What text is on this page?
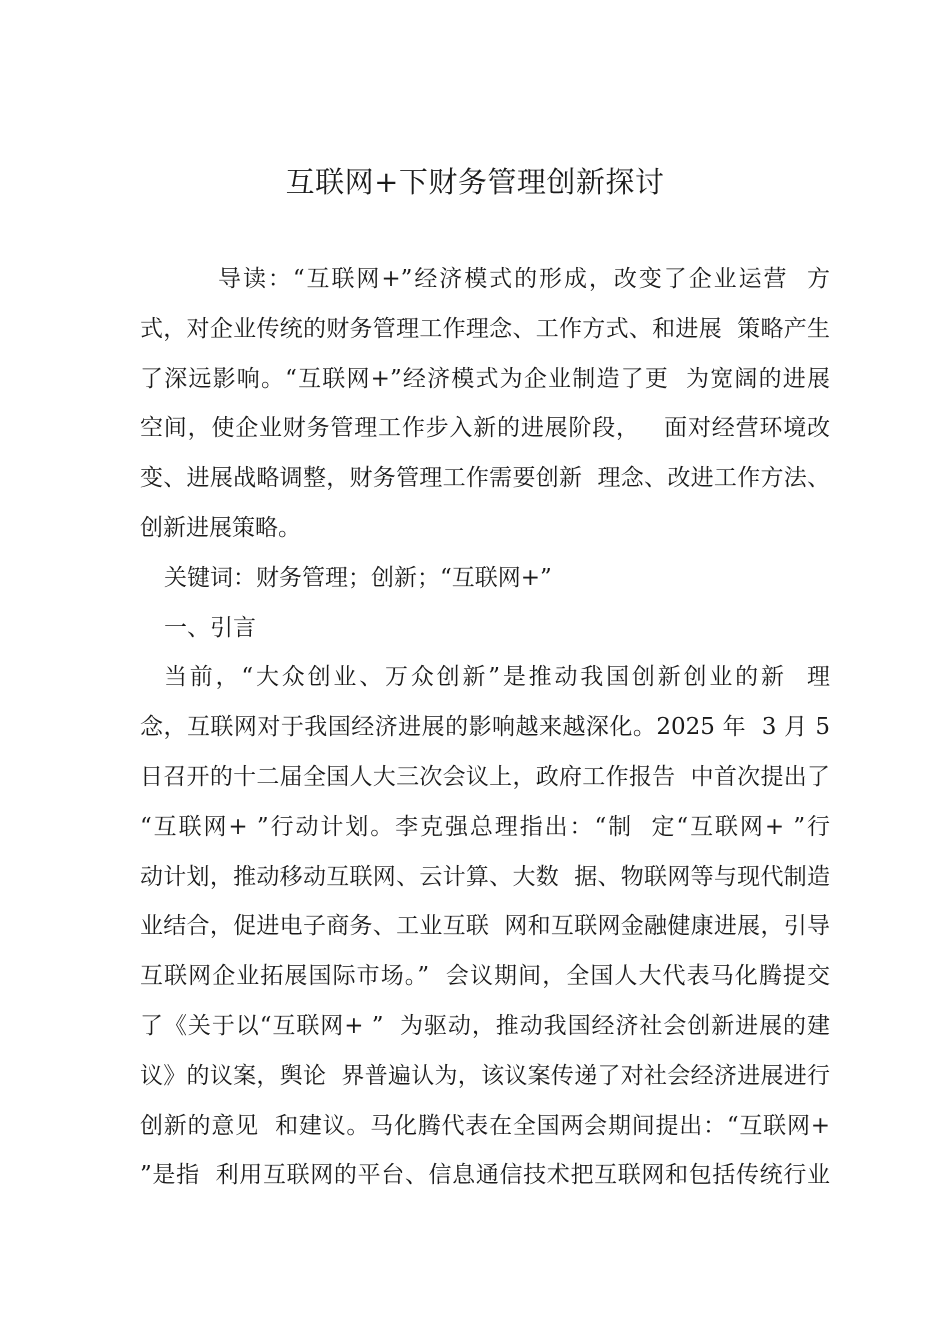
互联网+下财务管理创新探讨
导读：“互联网+”经济模式的形成，改变了企业运营  方
式，对企业传统的财务管理工作理念、工作方式、和进展  策略产生
了深远影响。“互联网+”经济模式为企业制造了更  为宽阔的进展
空间，使企业财务管理工作步入新的进展阶段，   面对经营环境改
变、进展战略调整，财务管理工作需要创新  理念、改进工作方法、
创新进展策略。
关键词：财务管理；创新；“互联网+”
一、引言
当前，“大众创业、万众创新”是推动我国创新创业的新  理
念，互联网对于我国经济进展的影响越来越深化。2025 年  3 月 5
日召开的十二届全国人大三次会议上，政府工作报告  中首次提出了
“互联网+ ”行动计划。李克强总理指出：“制  定“互联网+ ”行
动计划，推动移动互联网、云计算、大数  据、物联网等与现代制造
业结合，促进电子商务、工业互联  网和互联网金融健康进展，引导
互联网企业拓展国际市场。”  会议期间，全国人大代表马化腾提交
了《关于以“互联网+ ”  为驱动，推动我国经济社会创新进展的建
议》的议案，舆论  界普遍认为，该议案传递了对社会经济进展进行
创新的意见  和建议。马化腾代表在全国两会期间提出：“互联网+
”是指  利用互联网的平台、信息通信技术把互联网和包括传统行业
